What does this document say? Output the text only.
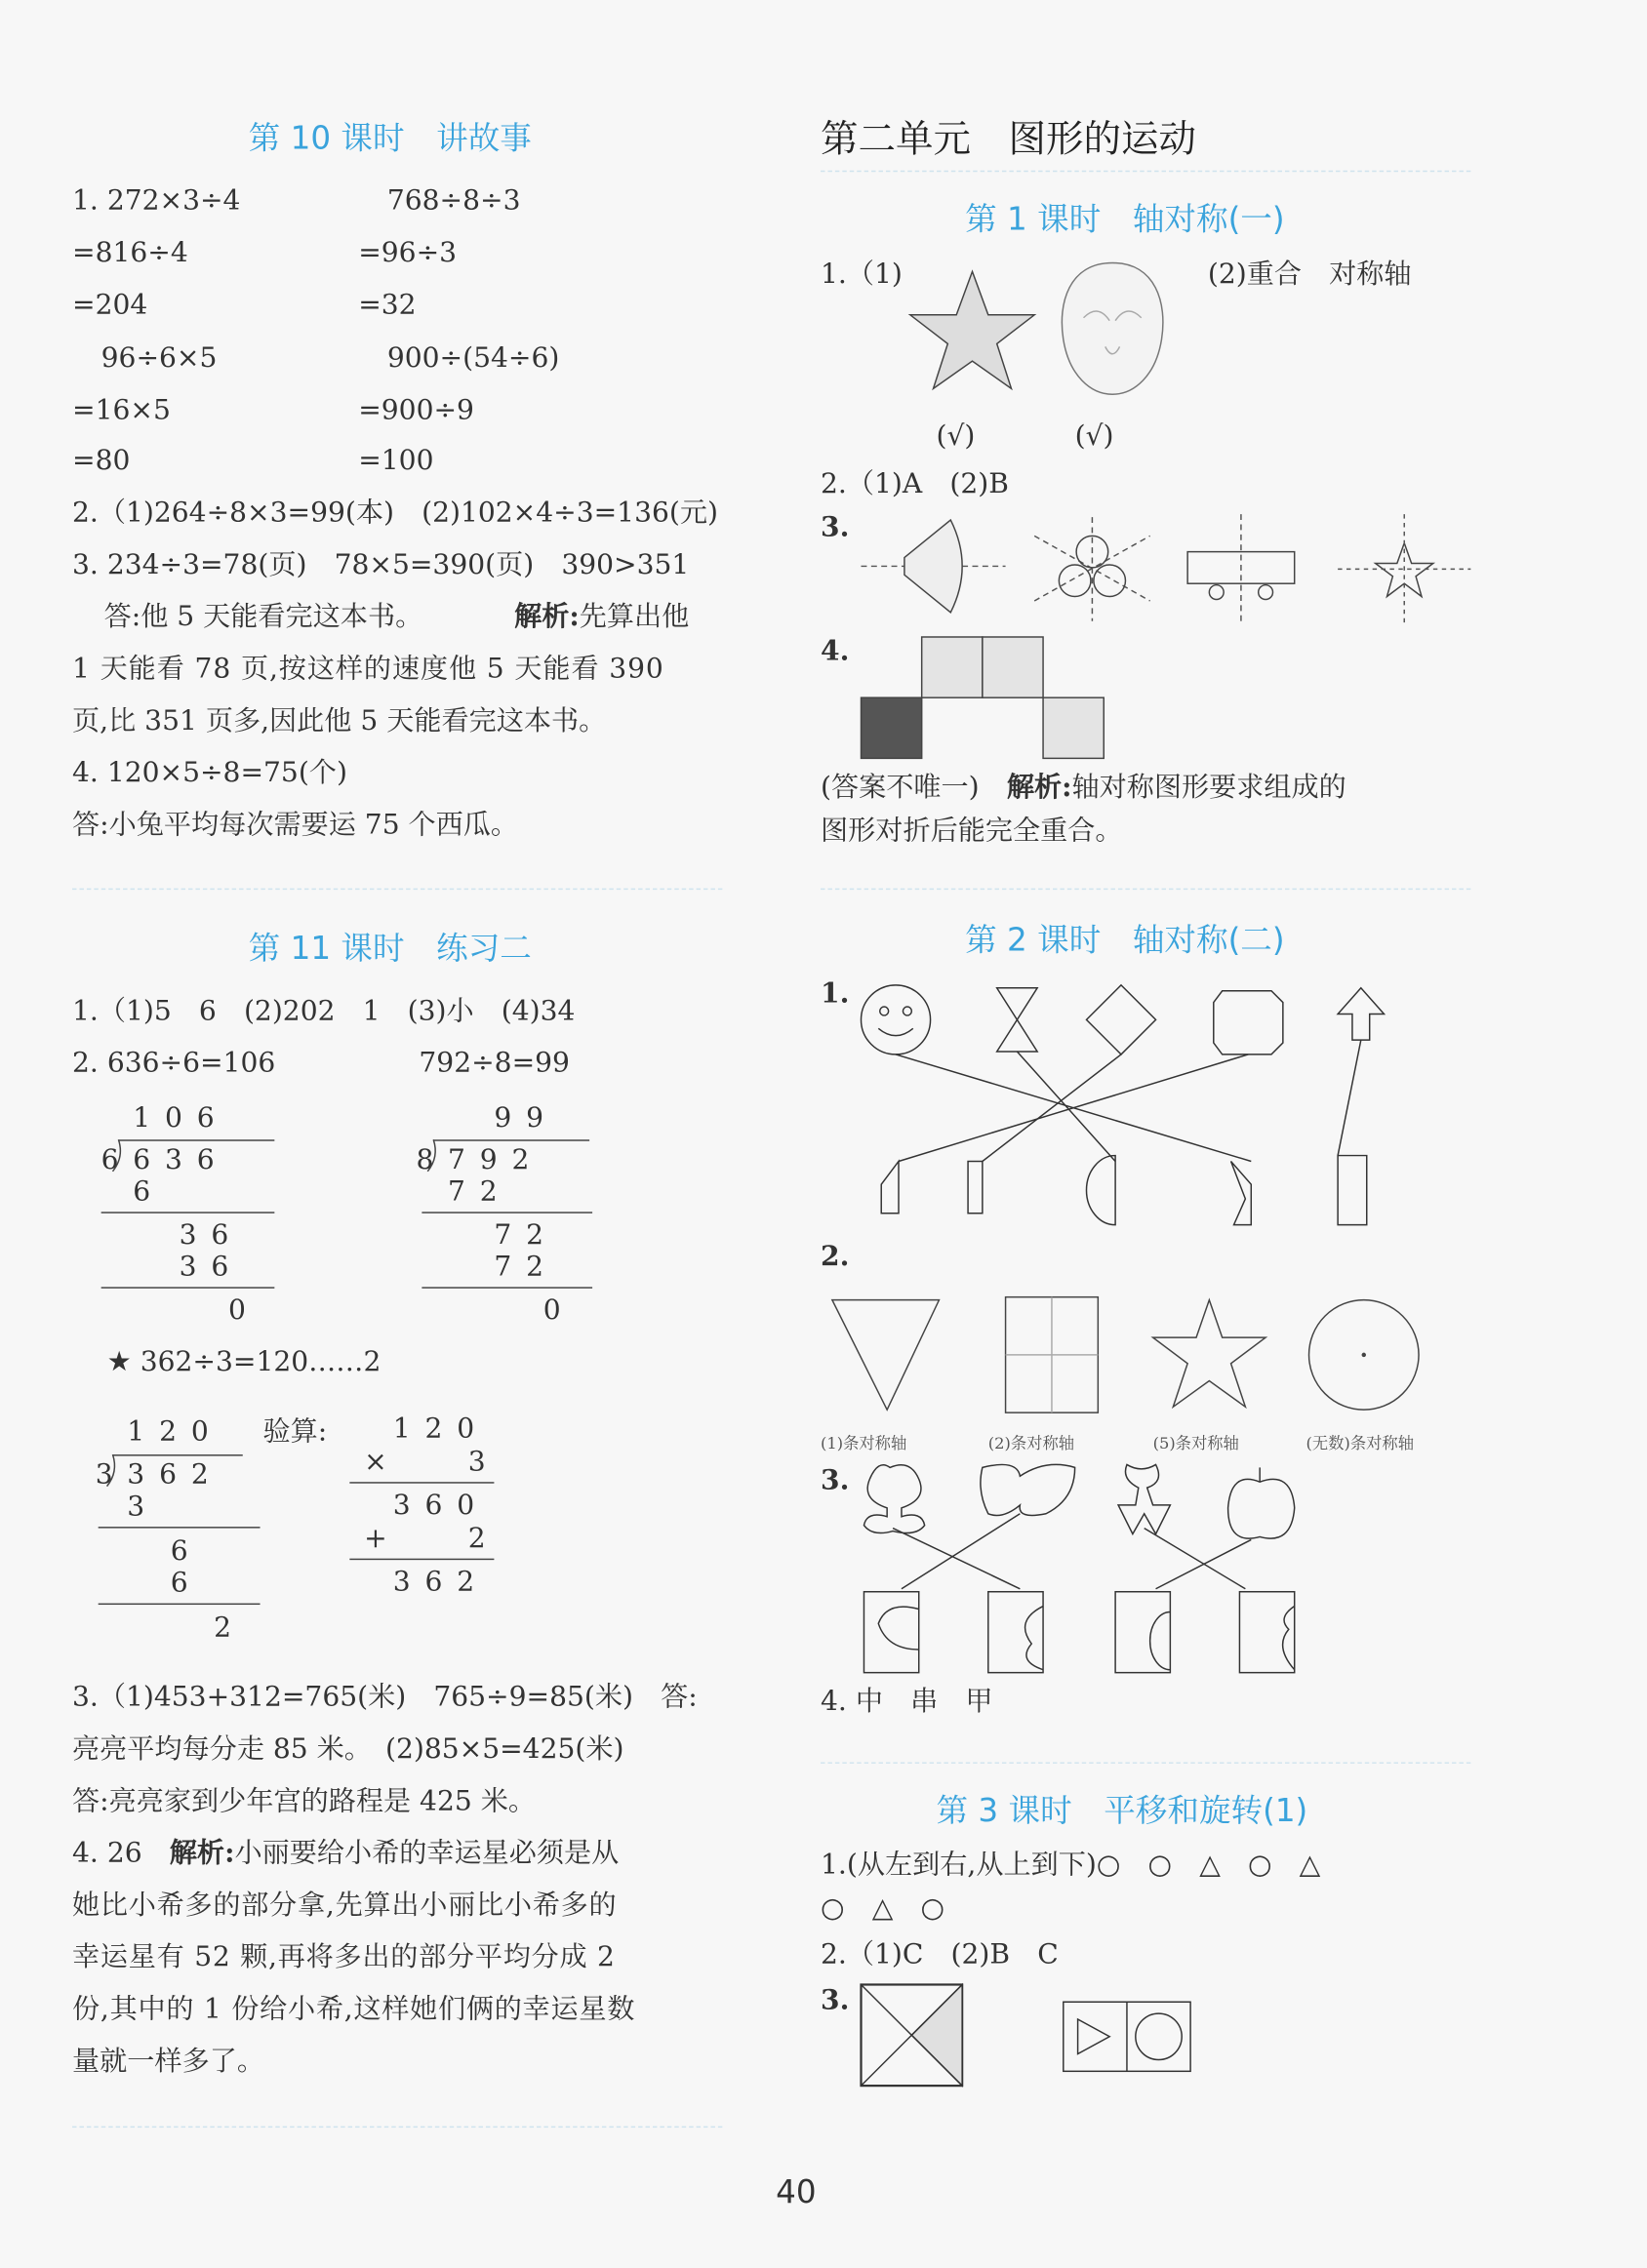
第 10 课时　讲故事
1. 272×3÷4
=816÷4
=204
96÷6×5
=16×5
=80
768÷8÷3
=96÷3
=32
900÷(54÷6)
=900÷9
=100
2.（1)264÷8×3=99(本)　(2)102×4÷3=136(元)
3. 234÷3=78(页)　78×5=390(页)　390>351
答:他 5 天能看完这本书。	解析:先算出他
1 天能看 78 页,按这样的速度他 5 天能看 390
页,比 351 页多,因此他 5 天能看完这本书。
4. 120×5÷8=75(个)
答:小兔平均每次需要运 75 个西瓜。
第 11 课时　练习二
1.（1)5　6　(2)202　1　(3)小　(4)34
2. 636÷6=106	792÷8=99
1 0 6
6 6 3 6
6
3 6
3 6
0
9 9
8 7 9 2
7 2
7 2
7 2
0
★ 362÷3=120……2
1 2 0
3 3 6 2
3
6
6
2
验算:	1 2 0
×	3
3 6 0
+	2
3 6 2
3.（1)453+312=765(米)　765÷9=85(米)　答:
亮亮平均每分走 85 米。　(2)85×5=425(米)
答:亮亮家到少年宫的路程是 425 米。
4. 26　 解析:小丽要给小希的幸运星必须是从
她比小希多的部分拿,先算出小丽比小希多的
幸运星有 52 颗,再将多出的部分平均分成 2
份,其中的 1 份给小希,这样她们俩的幸运星数
量就一样多了。
第二单元　图形的运动
第 1 课时　轴对称(一)
1.（1)	(2)重合　对称轴
(√)	(√)
2.（1)A　(2)B
3.
4.
(答案不唯一)　 解析:轴对称图形要求组成的
图形对折后能完全重合。
第 2 课时　轴对称(二)
1.
2.
(1)条对称轴	(2)条对称轴	(5)条对称轴	(无数)条对称轴
3.
4. 中　串　甲
第 3 课时　平移和旋转(1)
1.(从左到右,从上到下)○　○　△　○　△
○　△　○
2.（1)C　(2)B　C
3.
40
